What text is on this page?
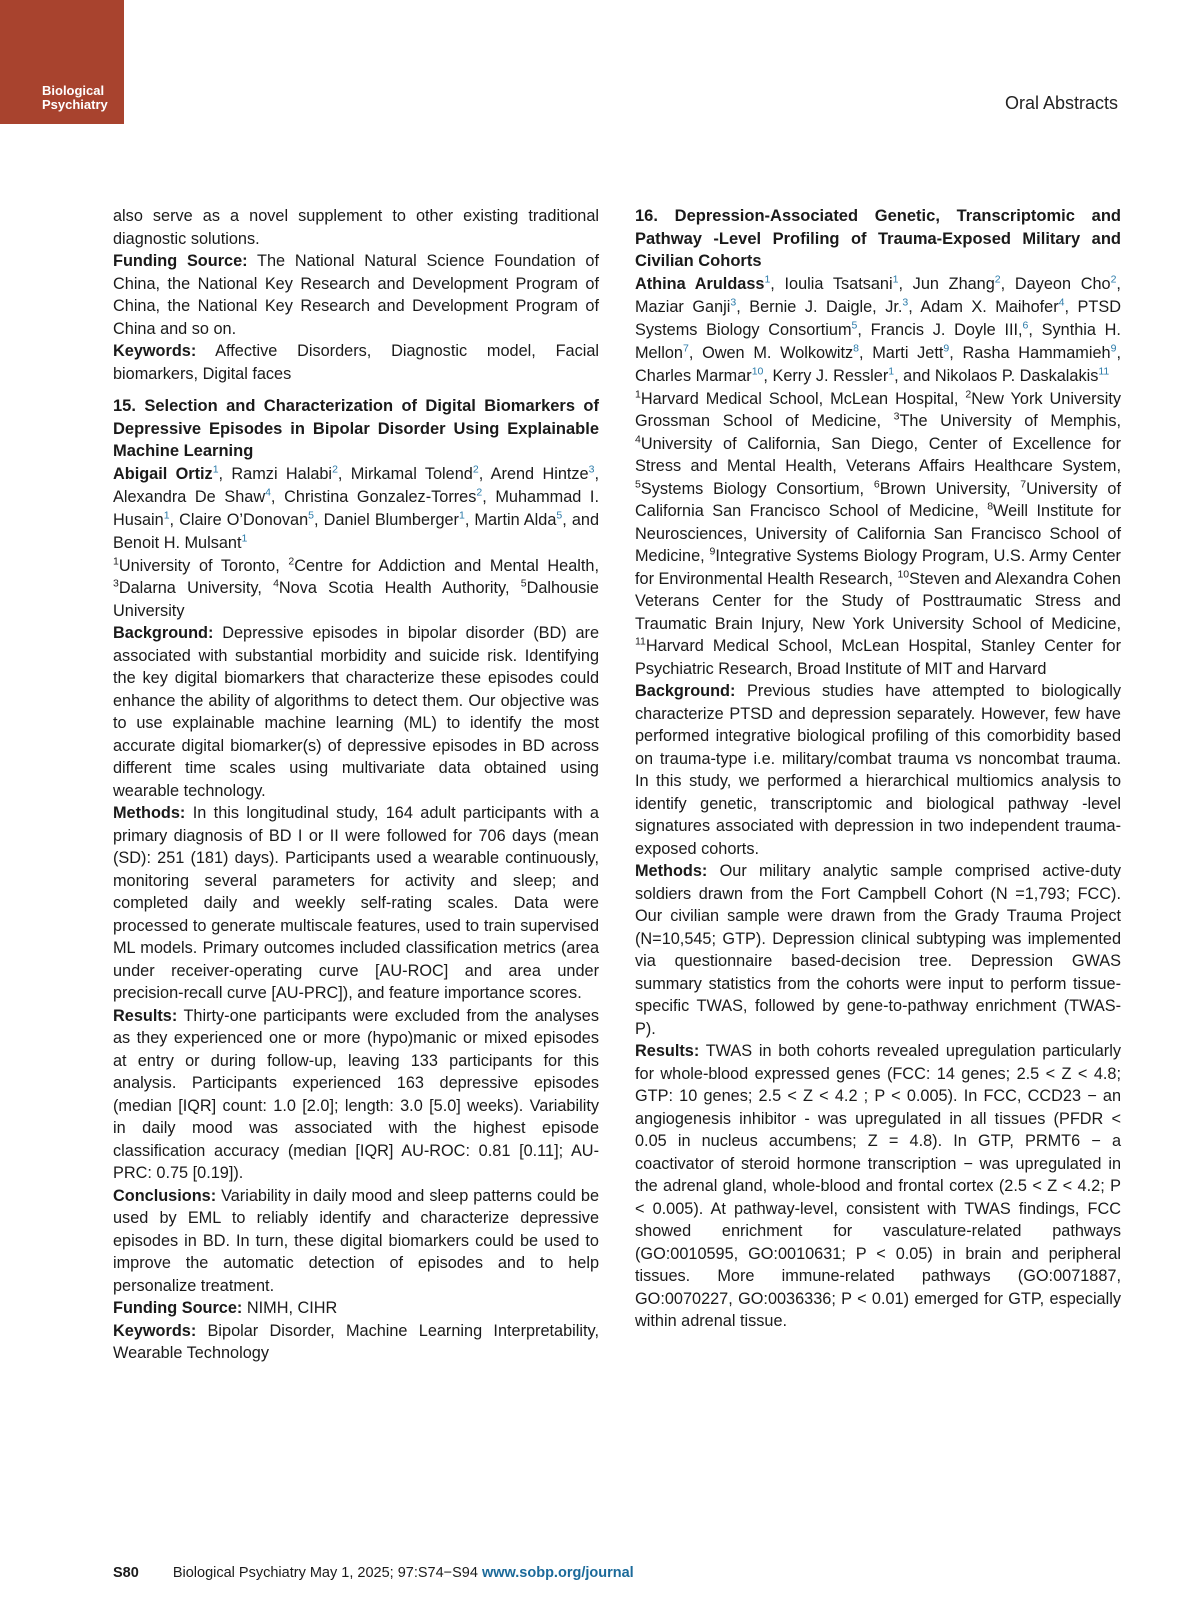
Biological
Psychiatry	Oral Abstracts

also serve as a novel supplement to other existing traditional diagnostic solutions.

Funding Source: The National Natural Science Foundation of China, the National Key Research and Development Program of China, the National Key Research and Development Program of China and so on.

Keywords: Affective Disorders, Diagnostic model, Facial biomarkers, Digital faces

15. Selection and Characterization of Digital Biomarkers of Depressive Episodes in Bipolar Disorder Using Explainable Machine Learning

Abigail Ortiz$^1$, Ramzi Halabi$^2$, Mirkamal Tolend$^2$, Arend Hintze$^3$, Alexandra De Shaw$^4$, Christina Gonzalez-Torres$^2$, Muhammad I. Husain$^1$, Claire O’Donovan$^5$, Daniel Blumberger$^1$, Martin Alda$^5$, and Benoit H. Mulsant$^1$

$^1$University of Toronto, $^2$Centre for Addiction and Mental Health, $^3$Dalarna University, $^4$Nova Scotia Health Authority, $^5$Dalhousie University

Background: Depressive episodes in bipolar disorder (BD) are associated with substantial morbidity and suicide risk. Identifying the key digital biomarkers that characterize these episodes could enhance the ability of algorithms to detect them. Our objective was to use explainable machine learning (ML) to identify the most accurate digital biomarker(s) of depressive episodes in BD across different time scales using multivariate data obtained using wearable technology.

Methods: In this longitudinal study, 164 adult participants with a primary diagnosis of BD I or II were followed for 706 days (mean (SD): 251 (181) days). Participants used a wearable continuously, monitoring several parameters for activity and sleep; and completed daily and weekly self-rating scales. Data were processed to generate multiscale features, used to train supervised ML models. Primary outcomes included classification metrics (area under receiver-operating curve [AU-ROC] and area under precision-recall curve [AU-PRC]), and feature importance scores.

Results: Thirty-one participants were excluded from the analyses as they experienced one or more (hypo)manic or mixed episodes at entry or during follow-up, leaving 133 participants for this analysis. Participants experienced 163 depressive episodes (median [IQR] count: 1.0 [2.0]; length: 3.0 [5.0] weeks). Variability in daily mood was associated with the highest episode classification accuracy (median [IQR] AU-ROC: 0.81 [0.11]; AU-PRC: 0.75 [0.19]).

Conclusions: Variability in daily mood and sleep patterns could be used by EML to reliably identify and characterize depressive episodes in BD. In turn, these digital biomarkers could be used to improve the automatic detection of episodes and to help personalize treatment.

Funding Source: NIMH, CIHR

Keywords: Bipolar Disorder, Machine Learning Interpretability, Wearable Technology

16. Depression-Associated Genetic, Transcriptomic and Pathway -Level Profiling of Trauma-Exposed Military and Civilian Cohorts

Athina Aruldass$^1$, Ioulia Tsatsani$^1$, Jun Zhang$^2$, Dayeon Cho$^2$, Maziar Ganji$^3$, Bernie J. Daigle, Jr.$^3$, Adam X. Maihofer$^4$, PTSD Systems Biology Consortium$^5$, Francis J. Doyle III,$^6$, Synthia H. Mellon$^7$, Owen M. Wolkowitz$^8$, Marti Jett$^9$, Rasha Hammamieh$^9$, Charles Marmar$^{10}$, Kerry J. Ressler$^1$, and Nikolaos P. Daskalakis$^{11}$

$^1$Harvard Medical School, McLean Hospital, $^2$New York University Grossman School of Medicine, $^3$The University of Memphis, $^4$University of California, San Diego, Center of Excellence for Stress and Mental Health, Veterans Affairs Healthcare System, $^5$Systems Biology Consortium, $^6$Brown University, $^7$University of California San Francisco School of Medicine, $^8$Weill Institute for Neurosciences, University of California San Francisco School of Medicine, $^9$Integrative Systems Biology Program, U.S. Army Center for Environmental Health Research, $^{10}$Steven and Alexandra Cohen Veterans Center for the Study of Posttraumatic Stress and Traumatic Brain Injury, New York University School of Medicine, $^{11}$Harvard Medical School, McLean Hospital, Stanley Center for Psychiatric Research, Broad Institute of MIT and Harvard

Background: Previous studies have attempted to biologically characterize PTSD and depression separately. However, few have performed integrative biological profiling of this comorbidity based on trauma-type i.e. military/combat trauma vs noncombat trauma. In this study, we performed a hierarchical multiomics analysis to identify genetic, transcriptomic and biological pathway -level signatures associated with depression in two independent trauma-exposed cohorts.

Methods: Our military analytic sample comprised active-duty soldiers drawn from the Fort Campbell Cohort (N =1,793; FCC). Our civilian sample were drawn from the Grady Trauma Project (N=10,545; GTP). Depression clinical subtyping was implemented via questionnaire based-decision tree. Depression GWAS summary statistics from the cohorts were input to perform tissue-specific TWAS, followed by gene-to-pathway enrichment (TWAS-P).

Results: TWAS in both cohorts revealed upregulation particularly for whole-blood expressed genes (FCC: 14 genes; 2.5 < Z < 4.8; GTP: 10 genes; 2.5 < Z < 4.2 ; P < 0.005). In FCC, CCD23 − an angiogenesis inhibitor - was upregulated in all tissues (PFDR < 0.05 in nucleus accumbens; Z = 4.8). In GTP, PRMT6 − a coactivator of steroid hormone transcription − was upregulated in the adrenal gland, whole-blood and frontal cortex (2.5 < Z < 4.2; P < 0.005). At pathway-level, consistent with TWAS findings, FCC showed enrichment for vasculature-related pathways (GO:0010595, GO:0010631; P < 0.05) in brain and peripheral tissues. More immune-related pathways (GO:0071887, GO:0070227, GO:0036336; P < 0.01) emerged for GTP, especially within adrenal tissue.

S80 Biological Psychiatry May 1, 2025; 97:S74−S94 www.sobp.org/journal
